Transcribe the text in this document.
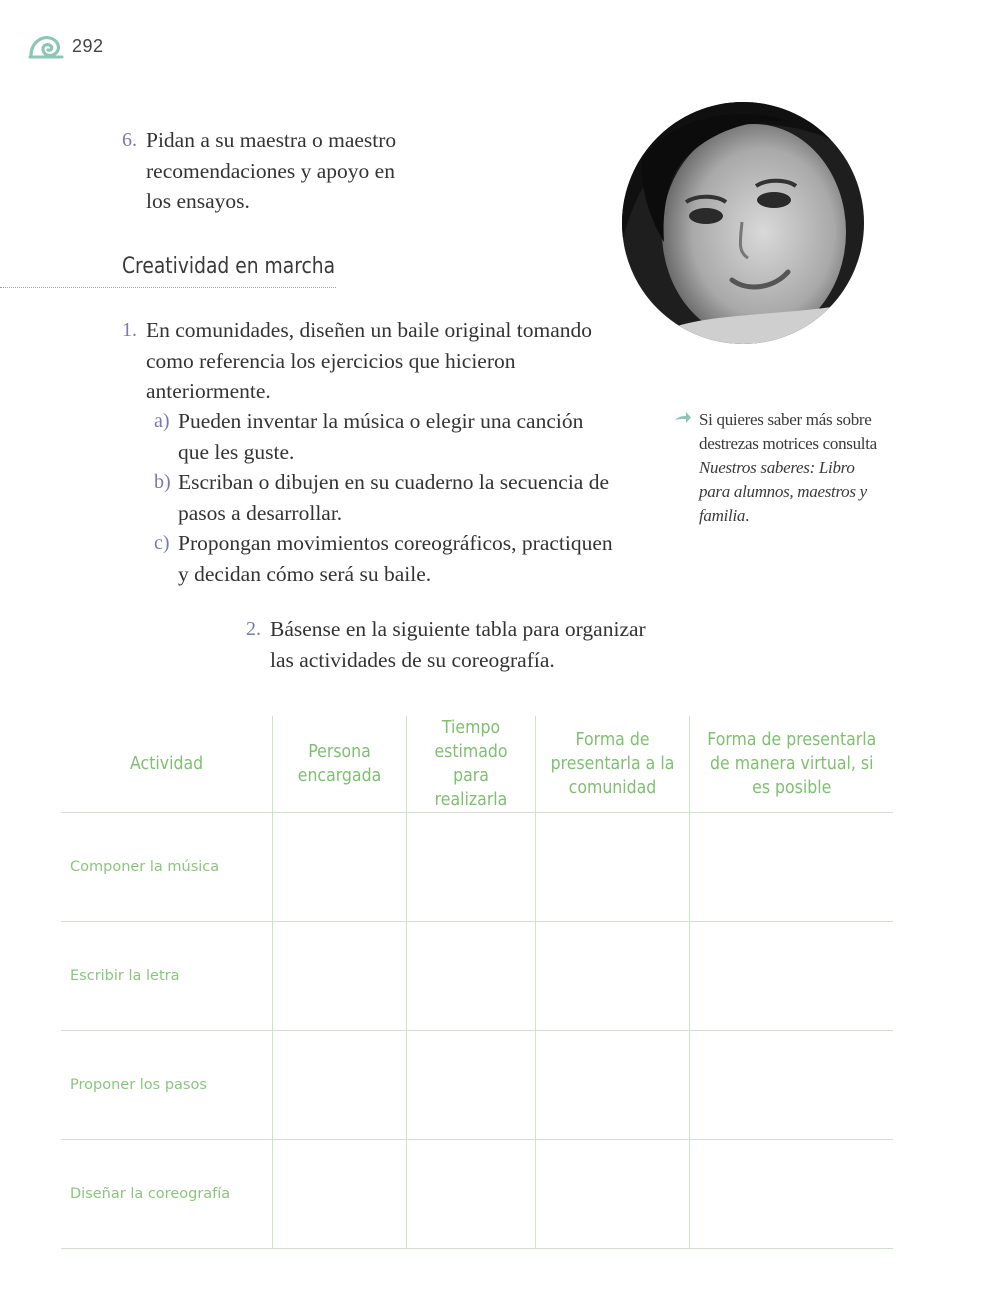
292
6. Pidan a su maestra o maestro recomendaciones y apoyo en los ensayos.
Creatividad en marcha
1. En comunidades, diseñen un baile original tomando como referencia los ejercicios que hicieron anteriormente.
a) Pueden inventar la música o elegir una canción que les guste.
b) Escriban o dibujen en su cuaderno la secuencia de pasos a desarrollar.
c) Propongan movimientos coreográficos, practiquen y decidan cómo será su baile.
2. Básense en la siguiente tabla para organizar las actividades de su coreografía.
Si quieres saber más sobre destrezas motrices consulta Nuestros saberes: Libro para alumnos, maestros y familia.
Actividad	Persona encargada	Tiempo estimado para realizarla	Forma de presentarla a la comunidad	Forma de presentarla de manera virtual, si es posible
Componer la música				
Escribir la letra				
Proponer los pasos				
Diseñar la coreografía				
